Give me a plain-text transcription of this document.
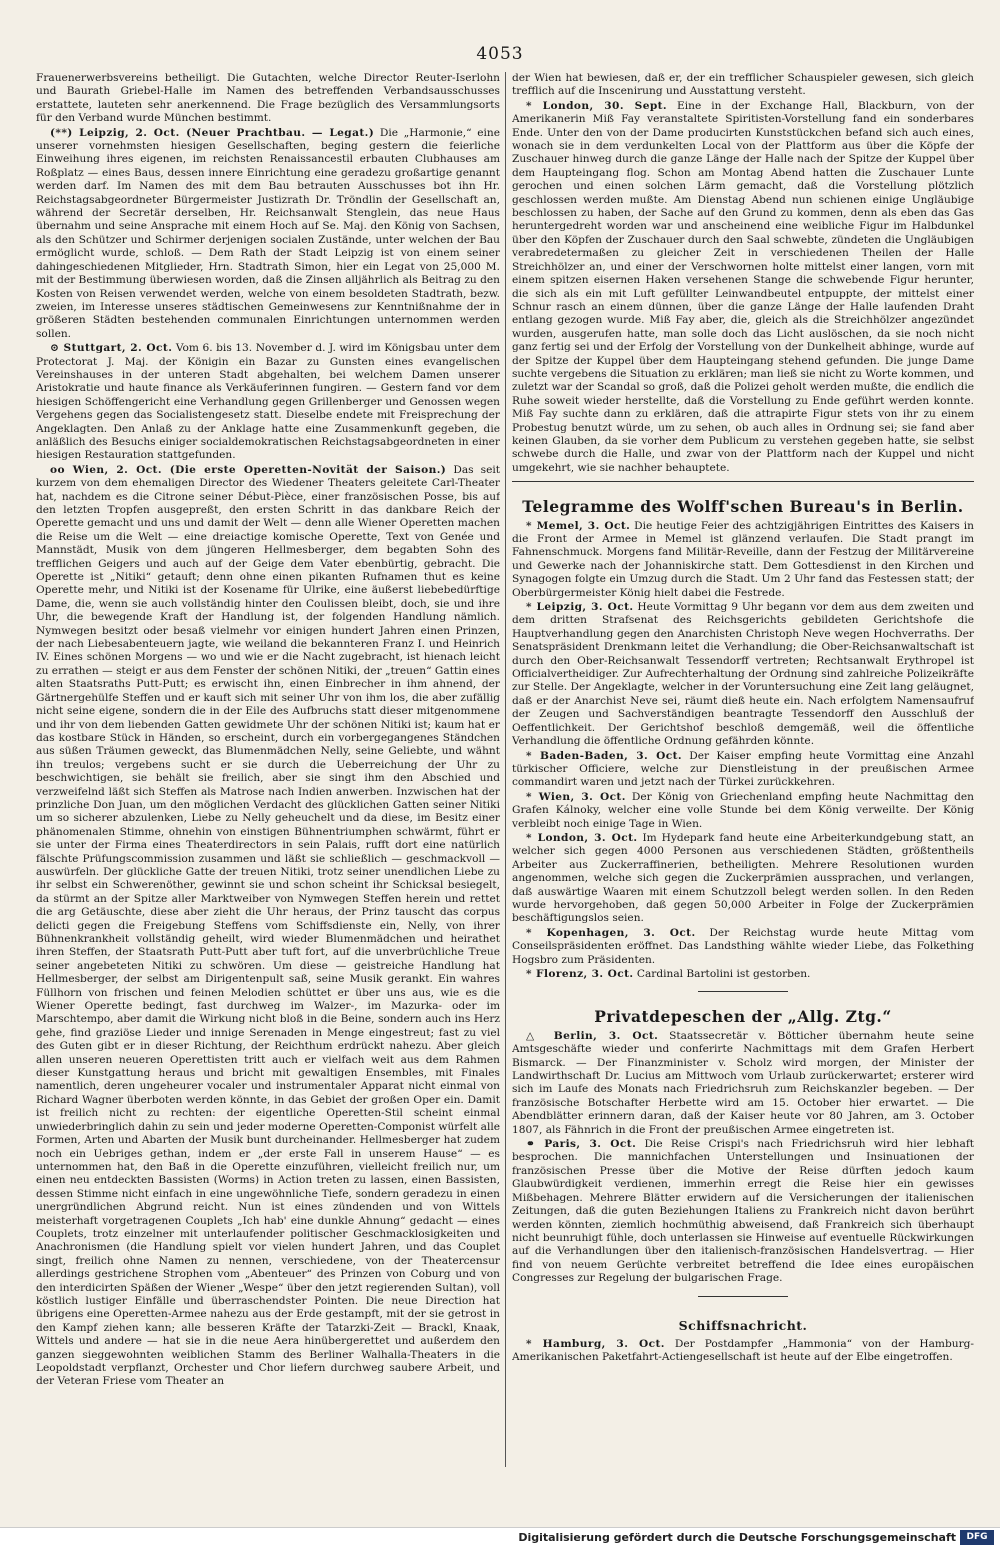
4053

Frauenerwerbsvereins betheiligt. Die Gutachten, welche Director Reuter-Iserlohn und Baurath Griebel-Halle im Namen des betreffenden Verbandsausschusses erstattete, lauteten sehr anerkennend. Die Frage bezüglich des Versammlungsorts für den Verband wurde München bestimmt.

(**) Leipzig, 2. Oct. (Neuer Prachtbau. — Legat.) Die „Harmonie,“ eine unserer vornehmsten hiesigen Gesellschaften, beging gestern die feierliche Einweihung ihres eigenen, im reichsten Renaissancestil erbauten Clubhauses am Roßplatz — eines Baus, dessen innere Einrichtung eine geradezu großartige genannt werden darf. Im Namen des mit dem Bau betrauten Ausschusses bot ihn Hr. Reichstagsabgeordneter Bürgermeister Justizrath Dr. Tröndlin der Gesellschaft an, während der Secretär derselben, Hr. Reichsanwalt Stenglein, das neue Haus übernahm und seine Ansprache mit einem Hoch auf Se. Maj. den König von Sachsen, als den Schützer und Schirmer derjenigen socialen Zustände, unter welchen der Bau ermöglicht wurde, schloß. — Dem Rath der Stadt Leipzig ist von einem seiner dahingeschiedenen Mitglieder, Hrn. Stadtrath Simon, hier ein Legat von 25,000 M. mit der Bestimmung überwiesen worden, daß die Zinsen alljährlich als Beitrag zu den Kosten von Reisen verwendet werden, welche von einem besoldeten Stadtrath, bezw. zweien, im Interesse unseres städtischen Gemeinwesens zur Kenntnißnahme der in größeren Städten bestehenden communalen Einrichtungen unternommen werden sollen.

⊙ Stuttgart, 2. Oct. Vom 6. bis 13. November d. J. wird im Königsbau unter dem Protectorat J. Maj. der Königin ein Bazar zu Gunsten eines evangelischen Vereinshauses in der unteren Stadt abgehalten, bei welchem Damen unserer Aristokratie und haute finance als Verkäuferinnen fungiren. — Gestern fand vor dem hiesigen Schöffengericht eine Verhandlung gegen Grillenberger und Genossen wegen Vergehens gegen das Socialistengesetz statt. Dieselbe endete mit Freisprechung der Angeklagten. Den Anlaß zu der Anklage hatte eine Zusammenkunft gegeben, die anläßlich des Besuchs einiger socialdemokratischen Reichstagsabgeordneten in einer hiesigen Restauration stattgefunden.

oo Wien, 2. Oct. (Die erste Operetten-Novität der Saison.) Das seit kurzem von dem ehemaligen Director des Wiedener Theaters geleitete Carl-Theater hat, nachdem es die Citrone seiner Début-Pièce, einer französischen Posse, bis auf den letzten Tropfen ausgepreßt, den ersten Schritt in das dankbare Reich der Operette gemacht und uns und damit der Welt — denn alle Wiener Operetten machen die Reise um die Welt — eine dreiactige komische Operette, Text von Genée und Mannstädt, Musik von dem jüngeren Hellmesberger, dem begabten Sohn des trefflichen Geigers und auch auf der Geige dem Vater ebenbürtig, gebracht. Die Operette ist „Nitiki“ getauft; denn ohne einen pikanten Rufnamen thut es keine Operette mehr, und Nitiki ist der Kosename für Ulrike, eine äußerst liebebedürftige Dame, die, wenn sie auch vollständig hinter den Coulissen bleibt, doch, sie und ihre Uhr, die bewegende Kraft der Handlung ist, der folgenden Handlung nämlich. Nymwegen besitzt oder besaß vielmehr vor einigen hundert Jahren einen Prinzen, der nach Liebesabenteuern jagte, wie weiland die bekannteren Franz I. und Heinrich IV. Eines schönen Morgens — wo und wie er die Nacht zugebracht, ist hienach leicht zu errathen — steigt er aus dem Fenster der schönen Nitiki, der „treuen“ Gattin eines alten Staatsraths Putt-Putt; es erwischt ihn, einen Einbrecher in ihm ahnend, der Gärtnergehülfe Steffen und er kauft sich mit seiner Uhr von ihm los, die aber zufällig nicht seine eigene, sondern die in der Eile des Aufbruchs statt dieser mitgenommene und ihr von dem liebenden Gatten gewidmete Uhr der schönen Nitiki ist; kaum hat er das kostbare Stück in Händen, so erscheint, durch ein vorbergegangenes Ständchen aus süßen Träumen geweckt, das Blumenmädchen Nelly, seine Geliebte, und wähnt ihn treulos; vergebens sucht er sie durch die Ueberreichung der Uhr zu beschwichtigen, sie behält sie freilich, aber sie singt ihm den Abschied und verzweifelnd läßt sich Steffen als Matrose nach Indien anwerben. Inzwischen hat der prinzliche Don Juan, um den möglichen Verdacht des glücklichen Gatten seiner Nitiki um so sicherer abzulenken, Liebe zu Nelly geheuchelt und da diese, im Besitz einer phänomenalen Stimme, ohnehin von einstigen Bühnentriumphen schwärmt, führt er sie unter der Firma eines Theaterdirectors in sein Palais, rufft dort eine natürlich fälschte Prüfungscommission zusammen und läßt sie schließlich — geschmackvoll — auswürfeln. Der glückliche Gatte der treuen Nitiki, trotz seiner unendlichen Liebe zu ihr selbst ein Schwerenöther, gewinnt sie und schon scheint ihr Schicksal besiegelt, da stürmt an der Spitze aller Marktweiber von Nymwegen Steffen herein und rettet die arg Getäuschte, diese aber zieht die Uhr heraus, der Prinz tauscht das corpus delicti gegen die Freigebung Steffens vom Schiffsdienste ein, Nelly, von ihrer Bühnenkrankheit vollständig geheilt, wird wieder Blumenmädchen und heirathet ihren Steffen, der Staatsrath Putt-Putt aber tuft fort, auf die unverbrüchliche Treue seiner angebeteten Nitiki zu schwören. Um diese — geistreiche Handlung hat Hellmesberger, der selbst am Dirigentenpult saß, seine Musik gerankt. Ein wahres Füllhorn von frischen und feinen Melodien schüttet er über uns aus, wie es die Wiener Operette bedingt, fast durchweg im Walzer-, im Mazurka- oder im Marschtempo, aber damit die Wirkung nicht bloß in die Beine, sondern auch ins Herz gehe, find graziöse Lieder und innige Serenaden in Menge eingestreut; fast zu viel des Guten gibt er in dieser Richtung, der Reichthum erdrückt nahezu. Aber gleich allen unseren neueren Operettisten tritt auch er vielfach weit aus dem Rahmen dieser Kunstgattung heraus und bricht mit gewaltigen Ensembles, mit Finales namentlich, deren ungeheurer vocaler und instrumentaler Apparat nicht einmal von Richard Wagner überboten werden könnte, in das Gebiet der großen Oper ein. Damit ist freilich nicht zu rechten: der eigentliche Operetten-Stil scheint einmal unwiederbringlich dahin zu sein und jeder moderne Operetten-Componist würfelt alle Formen, Arten und Abarten der Musik bunt durcheinander. Hellmesberger hat zudem noch ein Uebriges gethan, indem er „der erste Fall in unserem Hause“ — es unternommen hat, den Baß in die Operette einzuführen, vielleicht freilich nur, um einen neu entdeckten Bassisten (Worms) in Action treten zu lassen, einen Bassisten, dessen Stimme nicht einfach in eine ungewöhnliche Tiefe, sondern geradezu in einen unergründlichen Abgrund reicht. Nun ist eines zündenden und von Wittels meisterhaft vorgetragenen Couplets „Ich hab' eine dunkle Ahnung“ gedacht — eines Couplets, trotz einzelner mit unterlaufender politischer Geschmacklosigkeiten und Anachronismen (die Handlung spielt vor vielen hundert Jahren, und das Couplet singt, freilich ohne Namen zu nennen, verschiedene, von der Theatercensur allerdings gestrichene Strophen vom „Abenteuer“ des Prinzen von Coburg und von den interdicirten Späßen der Wiener „Wespe“ über den jetzt regierenden Sultan), voll köstlich lustiger Einfälle und überraschendster Pointen. Die neue Direction hat übrigens eine Operetten-Armee nahezu aus der Erde gestampft, mit der sie getrost in den Kampf ziehen kann; alle besseren Kräfte der Tatarzki-Zeit — Brackl, Knaak, Wittels und andere — hat sie in die neue Aera hinübergerettet und außerdem den ganzen sieggewohnten weiblichen Stamm des Berliner Walhalla-Theaters in die Leopoldstadt verpflanzt, Orchester und Chor liefern durchweg saubere Arbeit, und der Veteran Friese vom Theater an

der Wien hat bewiesen, daß er, der ein trefflicher Schauspieler gewesen, sich gleich trefflich auf die Inscenirung und Ausstattung versteht.

* London, 30. Sept. Eine in der Exchange Hall, Blackburn, von der Amerikanerin Miß Fay veranstaltete Spiritisten-Vorstellung fand ein sonderbares Ende. Unter den von der Dame producirten Kunststückchen befand sich auch eines, wonach sie in dem verdunkelten Local von der Plattform aus über die Köpfe der Zuschauer hinweg durch die ganze Länge der Halle nach der Spitze der Kuppel über dem Haupteingang flog. Schon am Montag Abend hatten die Zuschauer Lunte gerochen und einen solchen Lärm gemacht, daß die Vorstellung plötzlich geschlossen werden mußte. Am Dienstag Abend nun schienen einige Ungläubige beschlossen zu haben, der Sache auf den Grund zu kommen, denn als eben das Gas heruntergedreht worden war und anscheinend eine weibliche Figur im Halbdunkel über den Köpfen der Zuschauer durch den Saal schwebte, zündeten die Ungläubigen verabredetermaßen zu gleicher Zeit in verschiedenen Theilen der Halle Streichhölzer an, und einer der Verschwornen holte mittelst einer langen, vorn mit einem spitzen eisernen Haken versehenen Stange die schwebende Figur herunter, die sich als ein mit Luft gefüllter Leinwandbeutel entpuppte, der mittelst einer Schnur rasch an einem dünnen, über die ganze Länge der Halle laufenden Draht entlang gezogen wurde. Miß Fay aber, die, gleich als die Streichhölzer angezündet wurden, ausgerufen hatte, man solle doch das Licht auslöschen, da sie noch nicht ganz fertig sei und der Erfolg der Vorstellung von der Dunkelheit abhinge, wurde auf der Spitze der Kuppel über dem Haupteingang stehend gefunden. Die junge Dame suchte vergebens die Situation zu erklären; man ließ sie nicht zu Worte kommen, und zuletzt war der Scandal so groß, daß die Polizei geholt werden mußte, die endlich die Ruhe soweit wieder herstellte, daß die Vorstellung zu Ende geführt werden konnte. Miß Fay suchte dann zu erklären, daß die attrapirte Figur stets von ihr zu einem Probestug benutzt würde, um zu sehen, ob auch alles in Ordnung sei; sie fand aber keinen Glauben, da sie vorher dem Publicum zu verstehen gegeben hatte, sie selbst schwebe durch die Halle, und zwar von der Plattform nach der Kuppel und nicht umgekehrt, wie sie nachher behauptete.

Telegramme des Wolff'schen Bureau's in Berlin.

* Memel, 3. Oct. Die heutige Feier des achtzigjährigen Eintrittes des Kaisers in die Front der Armee in Memel ist glänzend verlaufen. Die Stadt prangt im Fahnenschmuck. Morgens fand Militär-Reveille, dann der Festzug der Militärvereine und Gewerke nach der Johanniskirche statt. Dem Gottesdienst in den Kirchen und Synagogen folgte ein Umzug durch die Stadt. Um 2 Uhr fand das Festessen statt; der Oberbürgermeister König hielt dabei die Festrede.

* Leipzig, 3. Oct. Heute Vormittag 9 Uhr begann vor dem aus dem zweiten und dem dritten Strafsenat des Reichsgerichts gebildeten Gerichtshofe die Hauptverhandlung gegen den Anarchisten Christoph Neve wegen Hochverraths. Der Senatspräsident Drenkmann leitet die Verhandlung; die Ober-Reichsanwaltschaft ist durch den Ober-Reichsanwalt Tessendorff vertreten; Rechtsanwalt Erythropel ist Officialvertheidiger. Zur Aufrechterhaltung der Ordnung sind zahlreiche Polizeikräfte zur Stelle. Der Angeklagte, welcher in der Voruntersuchung eine Zeit lang geläugnet, daß er der Anarchist Neve sei, räumt dieß heute ein. Nach erfolgtem Namensaufruf der Zeugen und Sachverständigen beantragte Tessendorff den Ausschluß der Oeffentlichkeit. Der Gerichtshof beschloß demgemäß, weil die öffentliche Verhandlung die öffentliche Ordnung gefährden könnte.

* Baden-Baden, 3. Oct. Der Kaiser empfing heute Vormittag eine Anzahl türkischer Officiere, welche zur Dienstleistung in der preußischen Armee commandirt waren und jetzt nach der Türkei zurückkehren.

* Wien, 3. Oct. Der König von Griechenland empfing heute Nachmittag den Grafen Kálnoky, welcher eine volle Stunde bei dem König verweilte. Der König verbleibt noch einige Tage in Wien.

* London, 3. Oct. Im Hydepark fand heute eine Arbeiterkundgebung statt, an welcher sich gegen 4000 Personen aus verschiedenen Städten, größtentheils Arbeiter aus Zuckerraffinerien, betheiligten. Mehrere Resolutionen wurden angenommen, welche sich gegen die Zuckerprämien aussprachen, und verlangen, daß auswärtige Waaren mit einem Schutzzoll belegt werden sollen. In den Reden wurde hervorgehoben, daß gegen 50,000 Arbeiter in Folge der Zuckerprämien beschäftigungslos seien.

* Kopenhagen, 3. Oct. Der Reichstag wurde heute Mittag vom Conseilspräsidenten eröffnet. Das Landsthing wählte wieder Liebe, das Folkething Hogsbro zum Präsidenten.

* Florenz, 3. Oct. Cardinal Bartolini ist gestorben.

Privatdepeschen der „Allg. Ztg.“

△ Berlin, 3. Oct. Staatssecretär v. Bötticher übernahm heute seine Amtsgeschäfte wieder und conferirte Nachmittags mit dem Grafen Herbert Bismarck. — Der Finanzminister v. Scholz wird morgen, der Minister der Landwirthschaft Dr. Lucius am Mittwoch vom Urlaub zurückerwartet; ersterer wird sich im Laufe des Monats nach Friedrichsruh zum Reichskanzler begeben. — Der französische Botschafter Herbette wird am 15. October hier erwartet. — Die Abendblätter erinnern daran, daß der Kaiser heute vor 80 Jahren, am 3. October 1807, als Fähnrich in die Front der preußischen Armee eingetreten ist.

⚭ Paris, 3. Oct. Die Reise Crispi's nach Friedrichsruh wird hier lebhaft besprochen. Die mannichfachen Unterstellungen und Insinuationen der französischen Presse über die Motive der Reise dürften jedoch kaum Glaubwürdigkeit verdienen, immerhin erregt die Reise hier ein gewisses Mißbehagen. Mehrere Blätter erwidern auf die Versicherungen der italienischen Zeitungen, daß die guten Beziehungen Italiens zu Frankreich nicht davon berührt werden könnten, ziemlich hochmüthig abweisend, daß Frankreich sich überhaupt nicht beunruhigt fühle, doch unterlassen sie Hinweise auf eventuelle Rückwirkungen auf die Verhandlungen über den italienisch-französischen Handelsvertrag. — Hier find von neuem Gerüchte verbreitet betreffend die Idee eines europäischen Congresses zur Regelung der bulgarischen Frage.

Schiffsnachricht.

* Hamburg, 3. Oct. Der Postdampfer „Hammonia“ von der Hamburg-Amerikanischen Paketfahrt-Actiengesellschaft ist heute auf der Elbe eingetroffen.

Digitalisierung gefördert durch die Deutsche Forschungsgemeinschaft	DFG
